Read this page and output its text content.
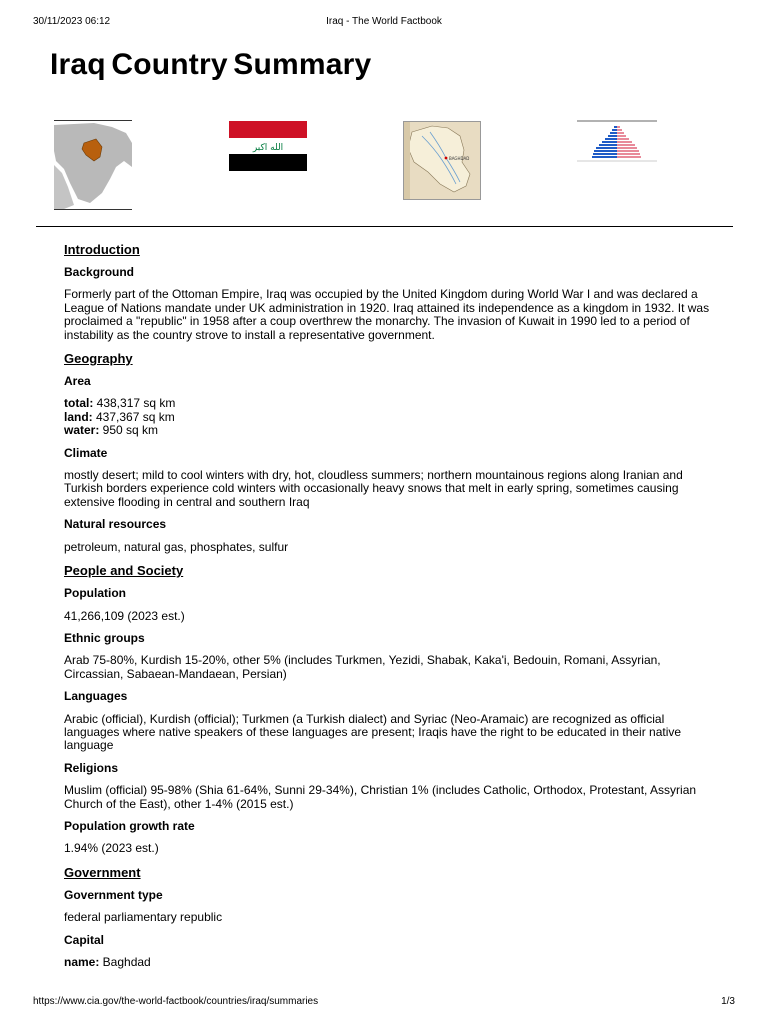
30/11/2023 06:12	Iraq - The World Factbook
Iraq Country Summary
الله اكبر
BAGHDAD
Introduction
Background
Formerly part of the Ottoman Empire, Iraq was occupied by the United Kingdom during World War I and was declared a League of Nations mandate under UK administration in 1920. Iraq attained its independence as a kingdom in 1932. It was proclaimed a "republic" in 1958 after a coup overthrew the monarchy. The invasion of Kuwait in 1990 led to a period of instability as the country strove to install a representative government.
Geography
Area
total: 438,317 sq km
land: 437,367 sq km
water: 950 sq km
Climate
mostly desert; mild to cool winters with dry, hot, cloudless summers; northern mountainous regions along Iranian and Turkish borders experience cold winters with occasionally heavy snows that melt in early spring, sometimes causing extensive flooding in central and southern Iraq
Natural resources
petroleum, natural gas, phosphates, sulfur
People and Society
Population
41,266,109 (2023 est.)
Ethnic groups
Arab 75-80%, Kurdish 15-20%, other 5% (includes Turkmen, Yezidi, Shabak, Kaka'i, Bedouin, Romani, Assyrian, Circassian, Sabaean-Mandaean, Persian)
Languages
Arabic (official), Kurdish (official); Turkmen (a Turkish dialect) and Syriac (Neo-Aramaic) are recognized as official languages where native speakers of these languages are present; Iraqis have the right to be educated in their native language
Religions
Muslim (official) 95-98% (Shia 61-64%, Sunni 29-34%), Christian 1% (includes Catholic, Orthodox, Protestant, Assyrian Church of the East), other 1-4% (2015 est.)
Population growth rate
1.94% (2023 est.)
Government
Government type
federal parliamentary republic
Capital
name: Baghdad
https://www.cia.gov/the-world-factbook/countries/iraq/summaries	1/3
